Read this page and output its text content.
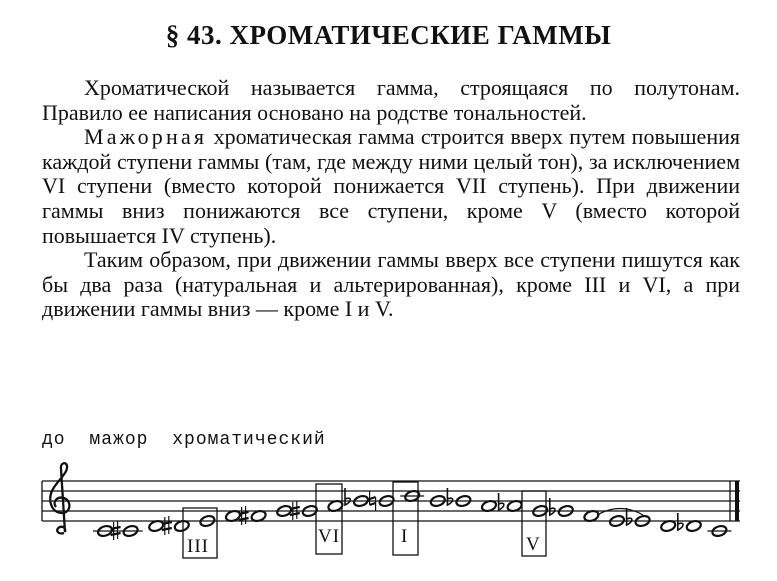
§ 43. ХРОМАТИЧЕСКИЕ ГАММЫ

Хроматической называется гамма, строящаяся по полутонам. Правило ее написания основано на родстве тональностей.

Мажорная хроматическая гамма строится вверх путем повышения каждой ступени гаммы (там, где между ними целый тон), за исключением VI ступени (вместо которой понижается VII ступень). При движении гаммы вниз понижаются все ступени, кроме V (вместо которой повышается IV ступень).

Таким образом, при движении гаммы вверх все ступени пишутся как бы два раза (натуральная и альтерированная), кроме III и VI, а при движении гаммы вниз — кроме I и V.

до мажор хроматический
III	VI	I	V
